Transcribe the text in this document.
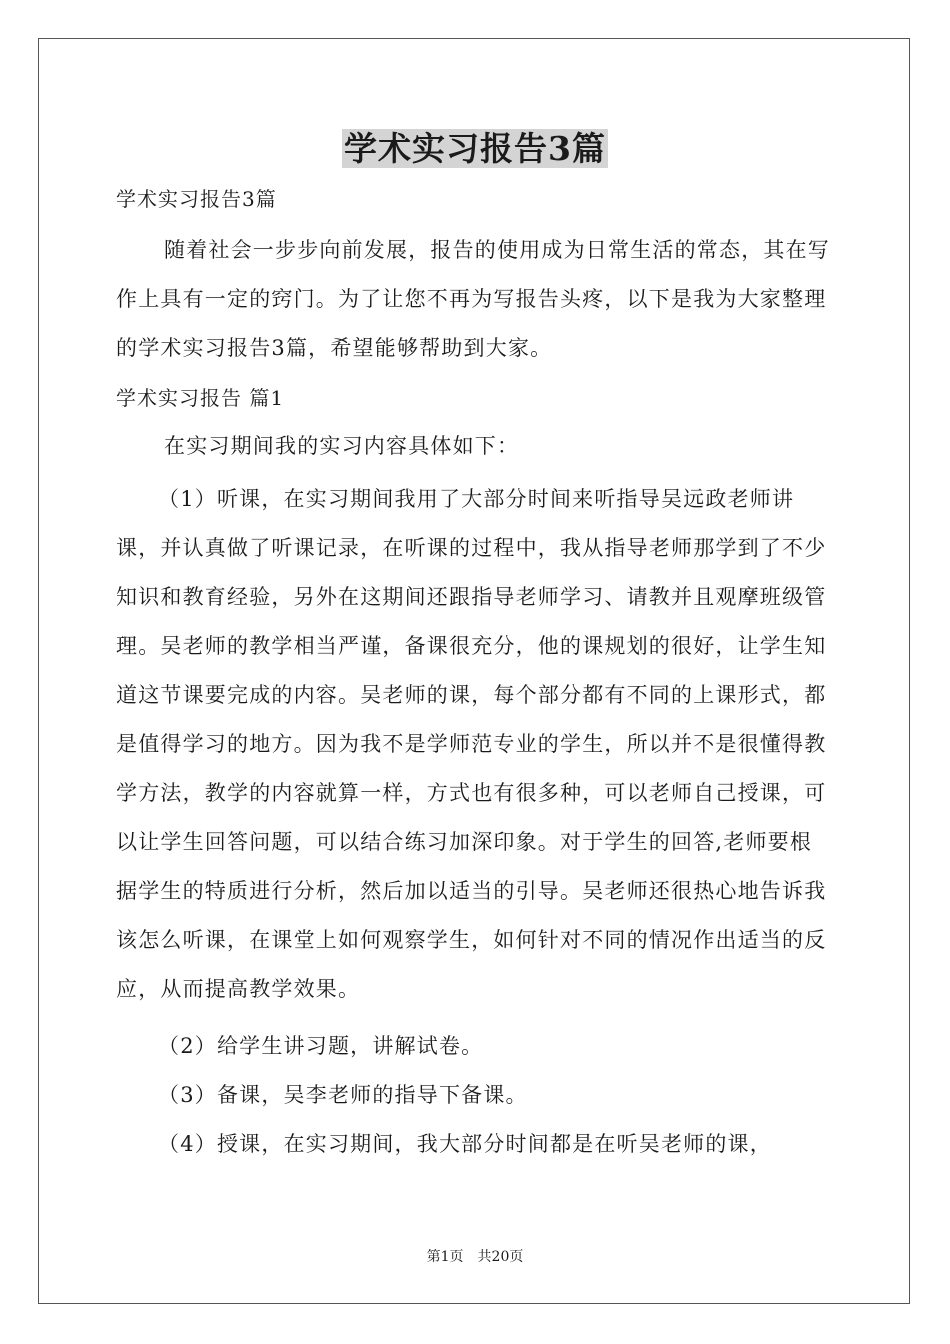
学术实习报告3篇
学术实习报告3篇
随着社会一步步向前发展，报告的使用成为日常生活的常态，其在写作上具有一定的窍门。为了让您不再为写报告头疼，以下是我为大家整理的学术实习报告3篇，希望能够帮助到大家。
学术实习报告 篇1
在实习期间我的实习内容具体如下：
（1）听课，在实习期间我用了大部分时间来听指导吴远政老师讲课，并认真做了听课记录，在听课的过程中，我从指导老师那学到了不少知识和教育经验，另外在这期间还跟指导老师学习、请教并且观摩班级管理。吴老师的教学相当严谨，备课很充分，他的课规划的很好，让学生知道这节课要完成的内容。吴老师的课，每个部分都有不同的上课形式，都是值得学习的地方。因为我不是学师范专业的学生，所以并不是很懂得教学方法，教学的内容就算一样，方式也有很多种，可以老师自己授课，可以让学生回答问题，可以结合练习加深印象。对于学生的回答,老师要根据学生的特质进行分析，然后加以适当的引导。吴老师还很热心地告诉我该怎么听课，在课堂上如何观察学生，如何针对不同的情况作出适当的反应，从而提高教学效果。
（2）给学生讲习题，讲解试卷。
（3）备课，吴李老师的指导下备课。
（4）授课，在实习期间，我大部分时间都是在听吴老师的课，
第1页　共20页
